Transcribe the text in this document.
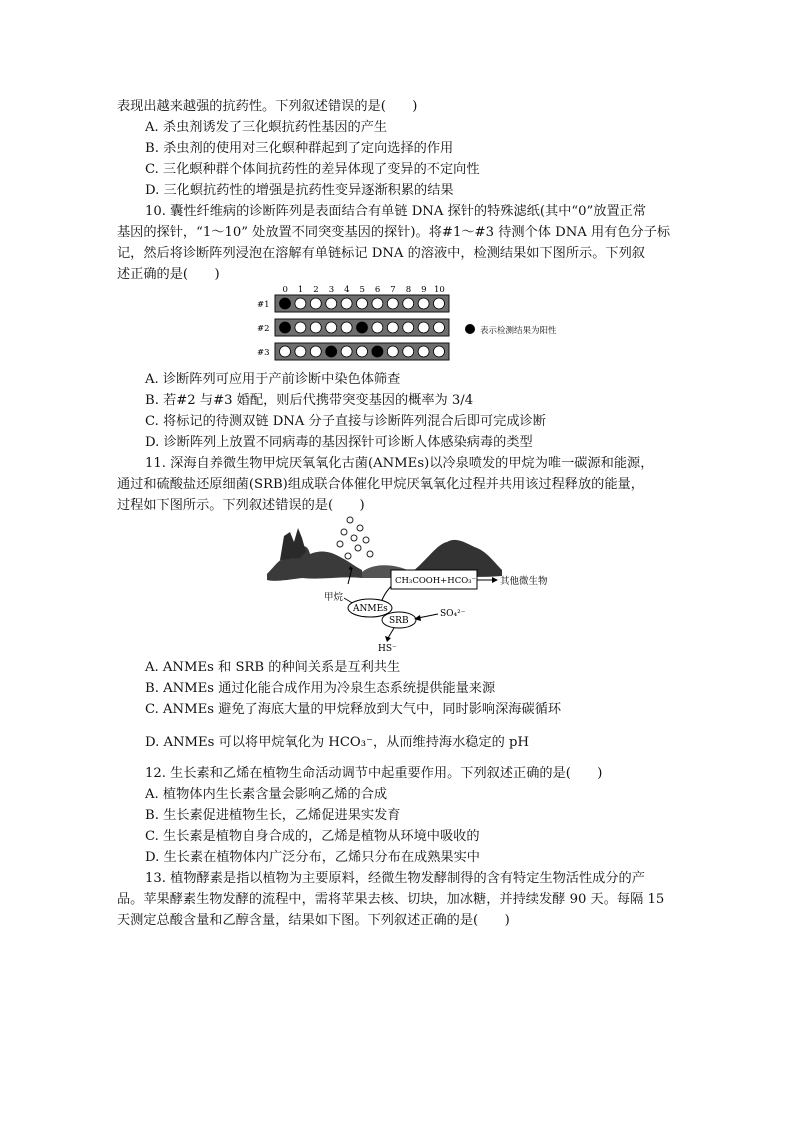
表现出越来越强的抗药性。下列叙述错误的是(　　)
A. 杀虫剂诱发了三化螟抗药性基因的产生
B. 杀虫剂的使用对三化螟种群起到了定向选择的作用
C. 三化螟种群个体间抗药性的差异体现了变异的不定向性
D. 三化螟抗药性的增强是抗药性变异逐渐积累的结果
10. 囊性纤维病的诊断阵列是表面结合有单链 DNA 探针的特殊滤纸(其中“0”放置正常
基因的探针，“1～10” 处放置不同突变基因的探针)。将#1～#3 待测个体 DNA 用有色分子标
记，然后将诊断阵列浸泡在溶解有单链标记 DNA 的溶液中，检测结果如下图所示。下列叙
述正确的是(　　)
0 1 2 3 4 5 6 7 8 9 10
#1
#2
#3
表示检测结果为阳性
A. 诊断阵列可应用于产前诊断中染色体筛查
B. 若#2 与#3 婚配，则后代携带突变基因的概率为 3/4
C. 将标记的待测双链 DNA 分子直接与诊断阵列混合后即可完成诊断
D. 诊断阵列上放置不同病毒的基因探针可诊断人体感染病毒的类型
11. 深海自养微生物甲烷厌氧氧化古菌(ANMEs)以冷泉喷发的甲烷为唯一碳源和能源，
通过和硫酸盐还原细菌(SRB)组成联合体催化甲烷厌氧氧化过程并共用该过程释放的能量，
过程如下图所示。下列叙述错误的是(　　)
甲烷
ANMEs
SRB
CH₃COOH+HCO₃⁻	其他微生物
SO₄²⁻
HS⁻
A. ANMEs 和 SRB 的种间关系是互利共生
B. ANMEs 通过化能合成作用为冷泉生态系统提供能量来源
C. ANMEs 避免了海底大量的甲烷释放到大气中，同时影响深海碳循环
D. ANMEs 可以将甲烷氧化为 HCO₃⁻，从而维持海水稳定的 pH
12. 生长素和乙烯在植物生命活动调节中起重要作用。下列叙述正确的是(　　)
A. 植物体内生长素含量会影响乙烯的合成
B. 生长素促进植物生长，乙烯促进果实发育
C. 生长素是植物自身合成的，乙烯是植物从环境中吸收的
D. 生长素在植物体内广泛分布，乙烯只分布在成熟果实中
13. 植物酵素是指以植物为主要原料，经微生物发酵制得的含有特定生物活性成分的产
品。苹果酵素生物发酵的流程中，需将苹果去核、切块，加冰糖，并持续发酵 90 天。每隔 15
天测定总酸含量和乙醇含量，结果如下图。下列叙述正确的是(　　)
